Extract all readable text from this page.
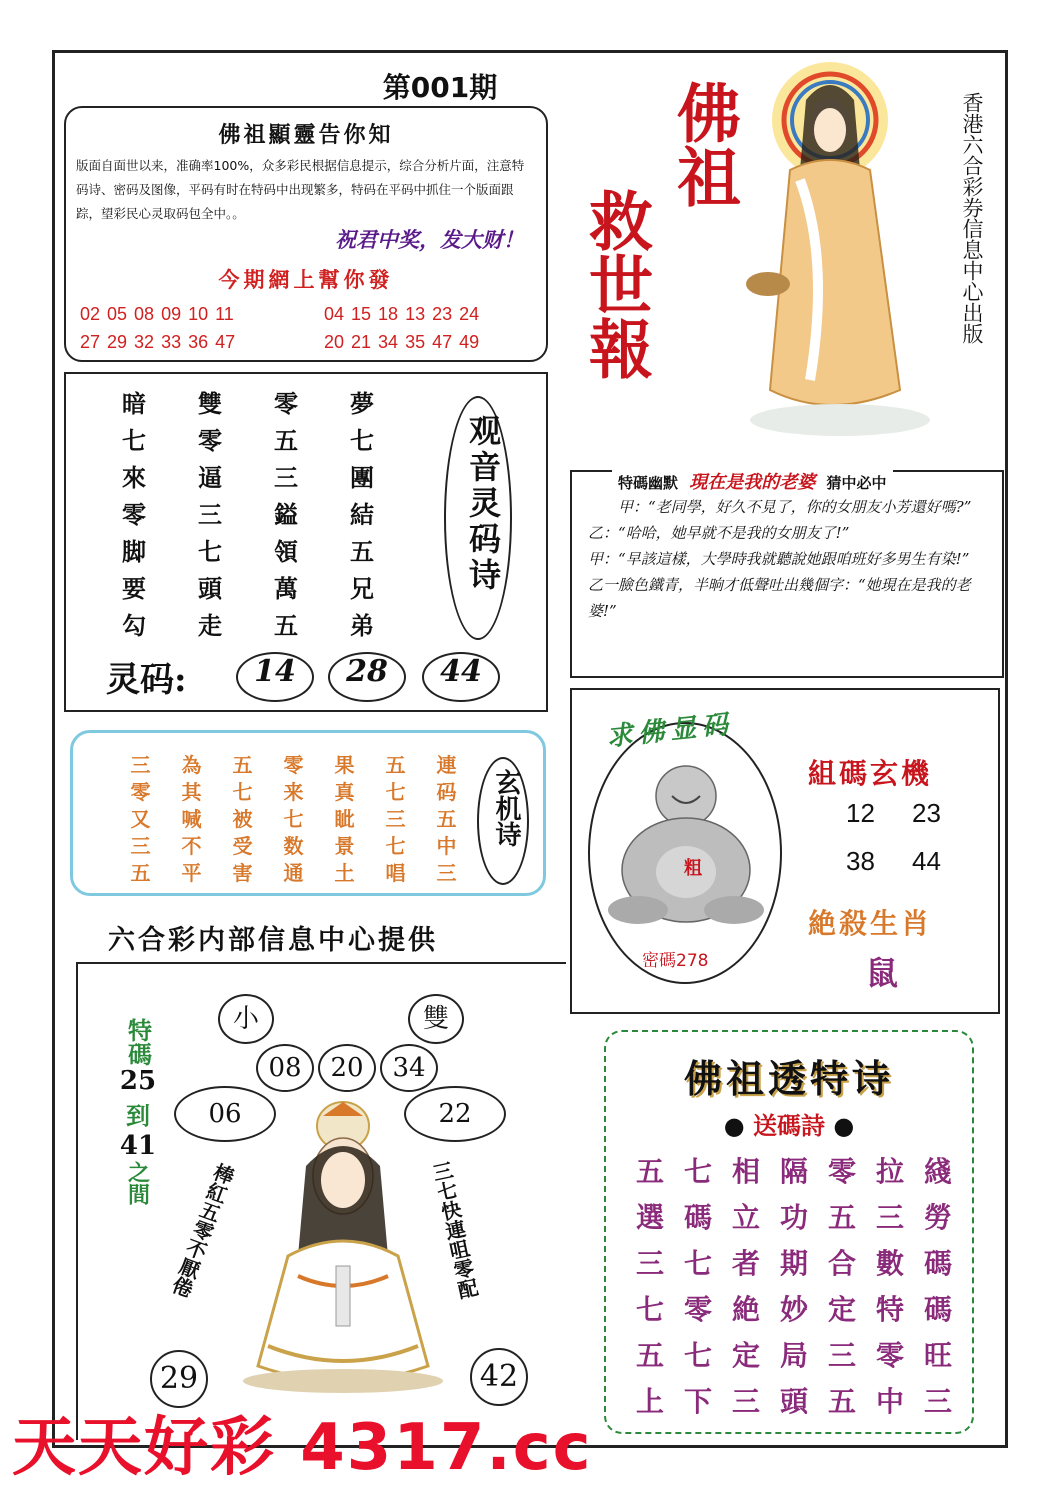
第001期
佛祖顯靈告你知
版面自面世以来，准确率100%，众多彩民根据信息提示，综合分析片面，注意特码诗、密码及图像，平码有时在特码中出现繁多，特码在平码中抓住一个版面跟踪，望彩民心灵取码包全中。。
祝君中奖，发大财！
今期網上幫你發
02 05 08 09 10 11	04 15 18 13 23 24
27 29 32 33 36 47	20 21 34 35 47 49
暗	雙	零	夢
七	零	五	七
來	逼	三	團
零	三	鎰	結
脚	七	領	五
要	頭	萬	兄
勾	走	五	弟
观音灵码诗
灵码:	14	28	44
三	為	五	零	果	五	連
零	其	七	来	真	七	码
又	喊	被	七	眦	三	五
三	不	受	数	景	七	中
五	平	害	通	土	唱	三
玄机诗
六合彩内部信息中心提供
小	雙
08	20	34
06	22
特碼
25
到
41
之間 棒紅五零不厭倦	三七快連咀零配
29	42
佛祖
救世報	香港六合彩券信息中心出版
特碼幽默 現在是我的老婆 猜中必中
甲：“老同學，好久不見了，你的女朋友小芳還好嗎?”
乙：“哈哈，她早就不是我的女朋友了!”
甲：“早該這樣，大學時我就聽說她跟咱班好多男生有染!”
乙一臉色鐵青，半晌才低聲吐出幾個字：“她現在是我的老婆!”
求佛显码
粗
密碼278
組碼玄機
12 23
38 44
絶殺生肖
鼠
佛祖透特诗
● 送碼詩 ●
五 七 相 隔 零 拉 綫
選 碼 立 功 五 三 勞
三 七 者 期 合 數 碼
七 零 絶 妙 定 特 碼
五 七 定 局 三 零 旺
上 下 三 頭 五 中 三
天天好彩 4317.cc
